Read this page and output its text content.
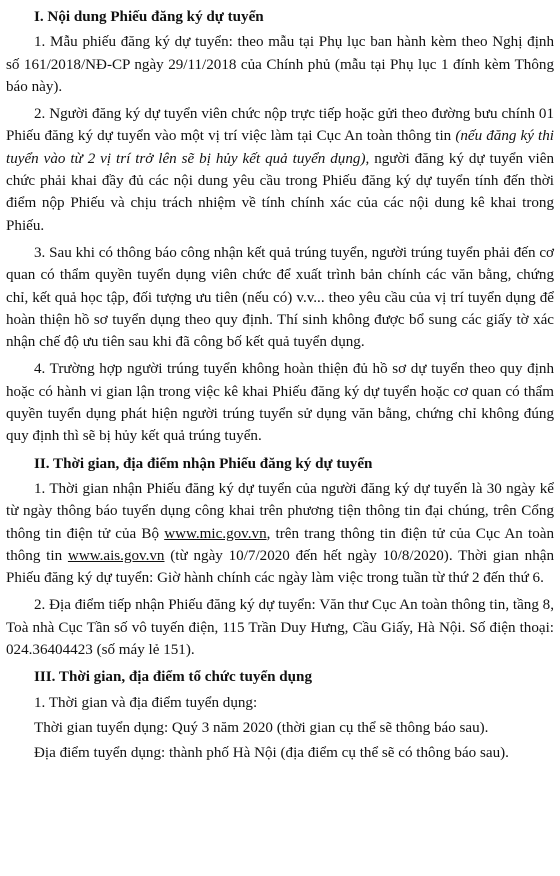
I. Nội dung Phiếu đăng ký dự tuyển

1. Mẫu phiếu đăng ký dự tuyển: theo mẫu tại Phụ lục ban hành kèm theo Nghị định số 161/2018/NĐ-CP ngày 29/11/2018 của Chính phủ (mẫu tại Phụ lục 1 đính kèm Thông báo này).

2. Người đăng ký dự tuyển viên chức nộp trực tiếp hoặc gửi theo đường bưu chính 01 Phiếu đăng ký dự tuyển vào một vị trí việc làm tại Cục An toàn thông tin (nếu đăng ký thi tuyển vào từ 2 vị trí trở lên sẽ bị hủy kết quả tuyển dụng), người đăng ký dự tuyển viên chức phải khai đầy đủ các nội dung yêu cầu trong Phiếu đăng ký dự tuyển tính đến thời điểm nộp Phiếu và chịu trách nhiệm về tính chính xác của các nội dung kê khai trong Phiếu.

3. Sau khi có thông báo công nhận kết quả trúng tuyển, người trúng tuyển phải đến cơ quan có thẩm quyền tuyển dụng viên chức để xuất trình bản chính các văn bằng, chứng chỉ, kết quả học tập, đối tượng ưu tiên (nếu có) v.v... theo yêu cầu của vị trí tuyển dụng để hoàn thiện hồ sơ tuyển dụng theo quy định. Thí sinh không được bổ sung các giấy tờ xác nhận chế độ ưu tiên sau khi đã công bố kết quả tuyển dụng.

4. Trường hợp người trúng tuyển không hoàn thiện đủ hồ sơ dự tuyển theo quy định hoặc có hành vi gian lận trong việc kê khai Phiếu đăng ký dự tuyển hoặc cơ quan có thẩm quyền tuyển dụng phát hiện người trúng tuyển sử dụng văn bằng, chứng chỉ không đúng quy định thì sẽ bị hủy kết quả trúng tuyển.

II. Thời gian, địa điểm nhận Phiếu đăng ký dự tuyển

1. Thời gian nhận Phiếu đăng ký dự tuyển của người đăng ký dự tuyển là 30 ngày kể từ ngày thông báo tuyển dụng công khai trên phương tiện thông tin đại chúng, trên Cổng thông tin điện tử của Bộ www.mic.gov.vn, trên trang thông tin điện tử của Cục An toàn thông tin www.ais.gov.vn (từ ngày 10/7/2020 đến hết ngày 10/8/2020). Thời gian nhận Phiếu đăng ký dự tuyển: Giờ hành chính các ngày làm việc trong tuần từ thứ 2 đến thứ 6.

2. Địa điểm tiếp nhận Phiếu đăng ký dự tuyển: Văn thư Cục An toàn thông tin, tầng 8, Toà nhà Cục Tần số vô tuyến điện, 115 Trần Duy Hưng, Cầu Giấy, Hà Nội. Số điện thoại: 024.36404423 (số máy lẻ 151).

III. Thời gian, địa điểm tổ chức tuyển dụng

1. Thời gian và địa điểm tuyển dụng:

Thời gian tuyển dụng: Quý 3 năm 2020 (thời gian cụ thể sẽ thông báo sau).

Địa điểm tuyển dụng: thành phố Hà Nội (địa điểm cụ thể sẽ có thông báo sau).
